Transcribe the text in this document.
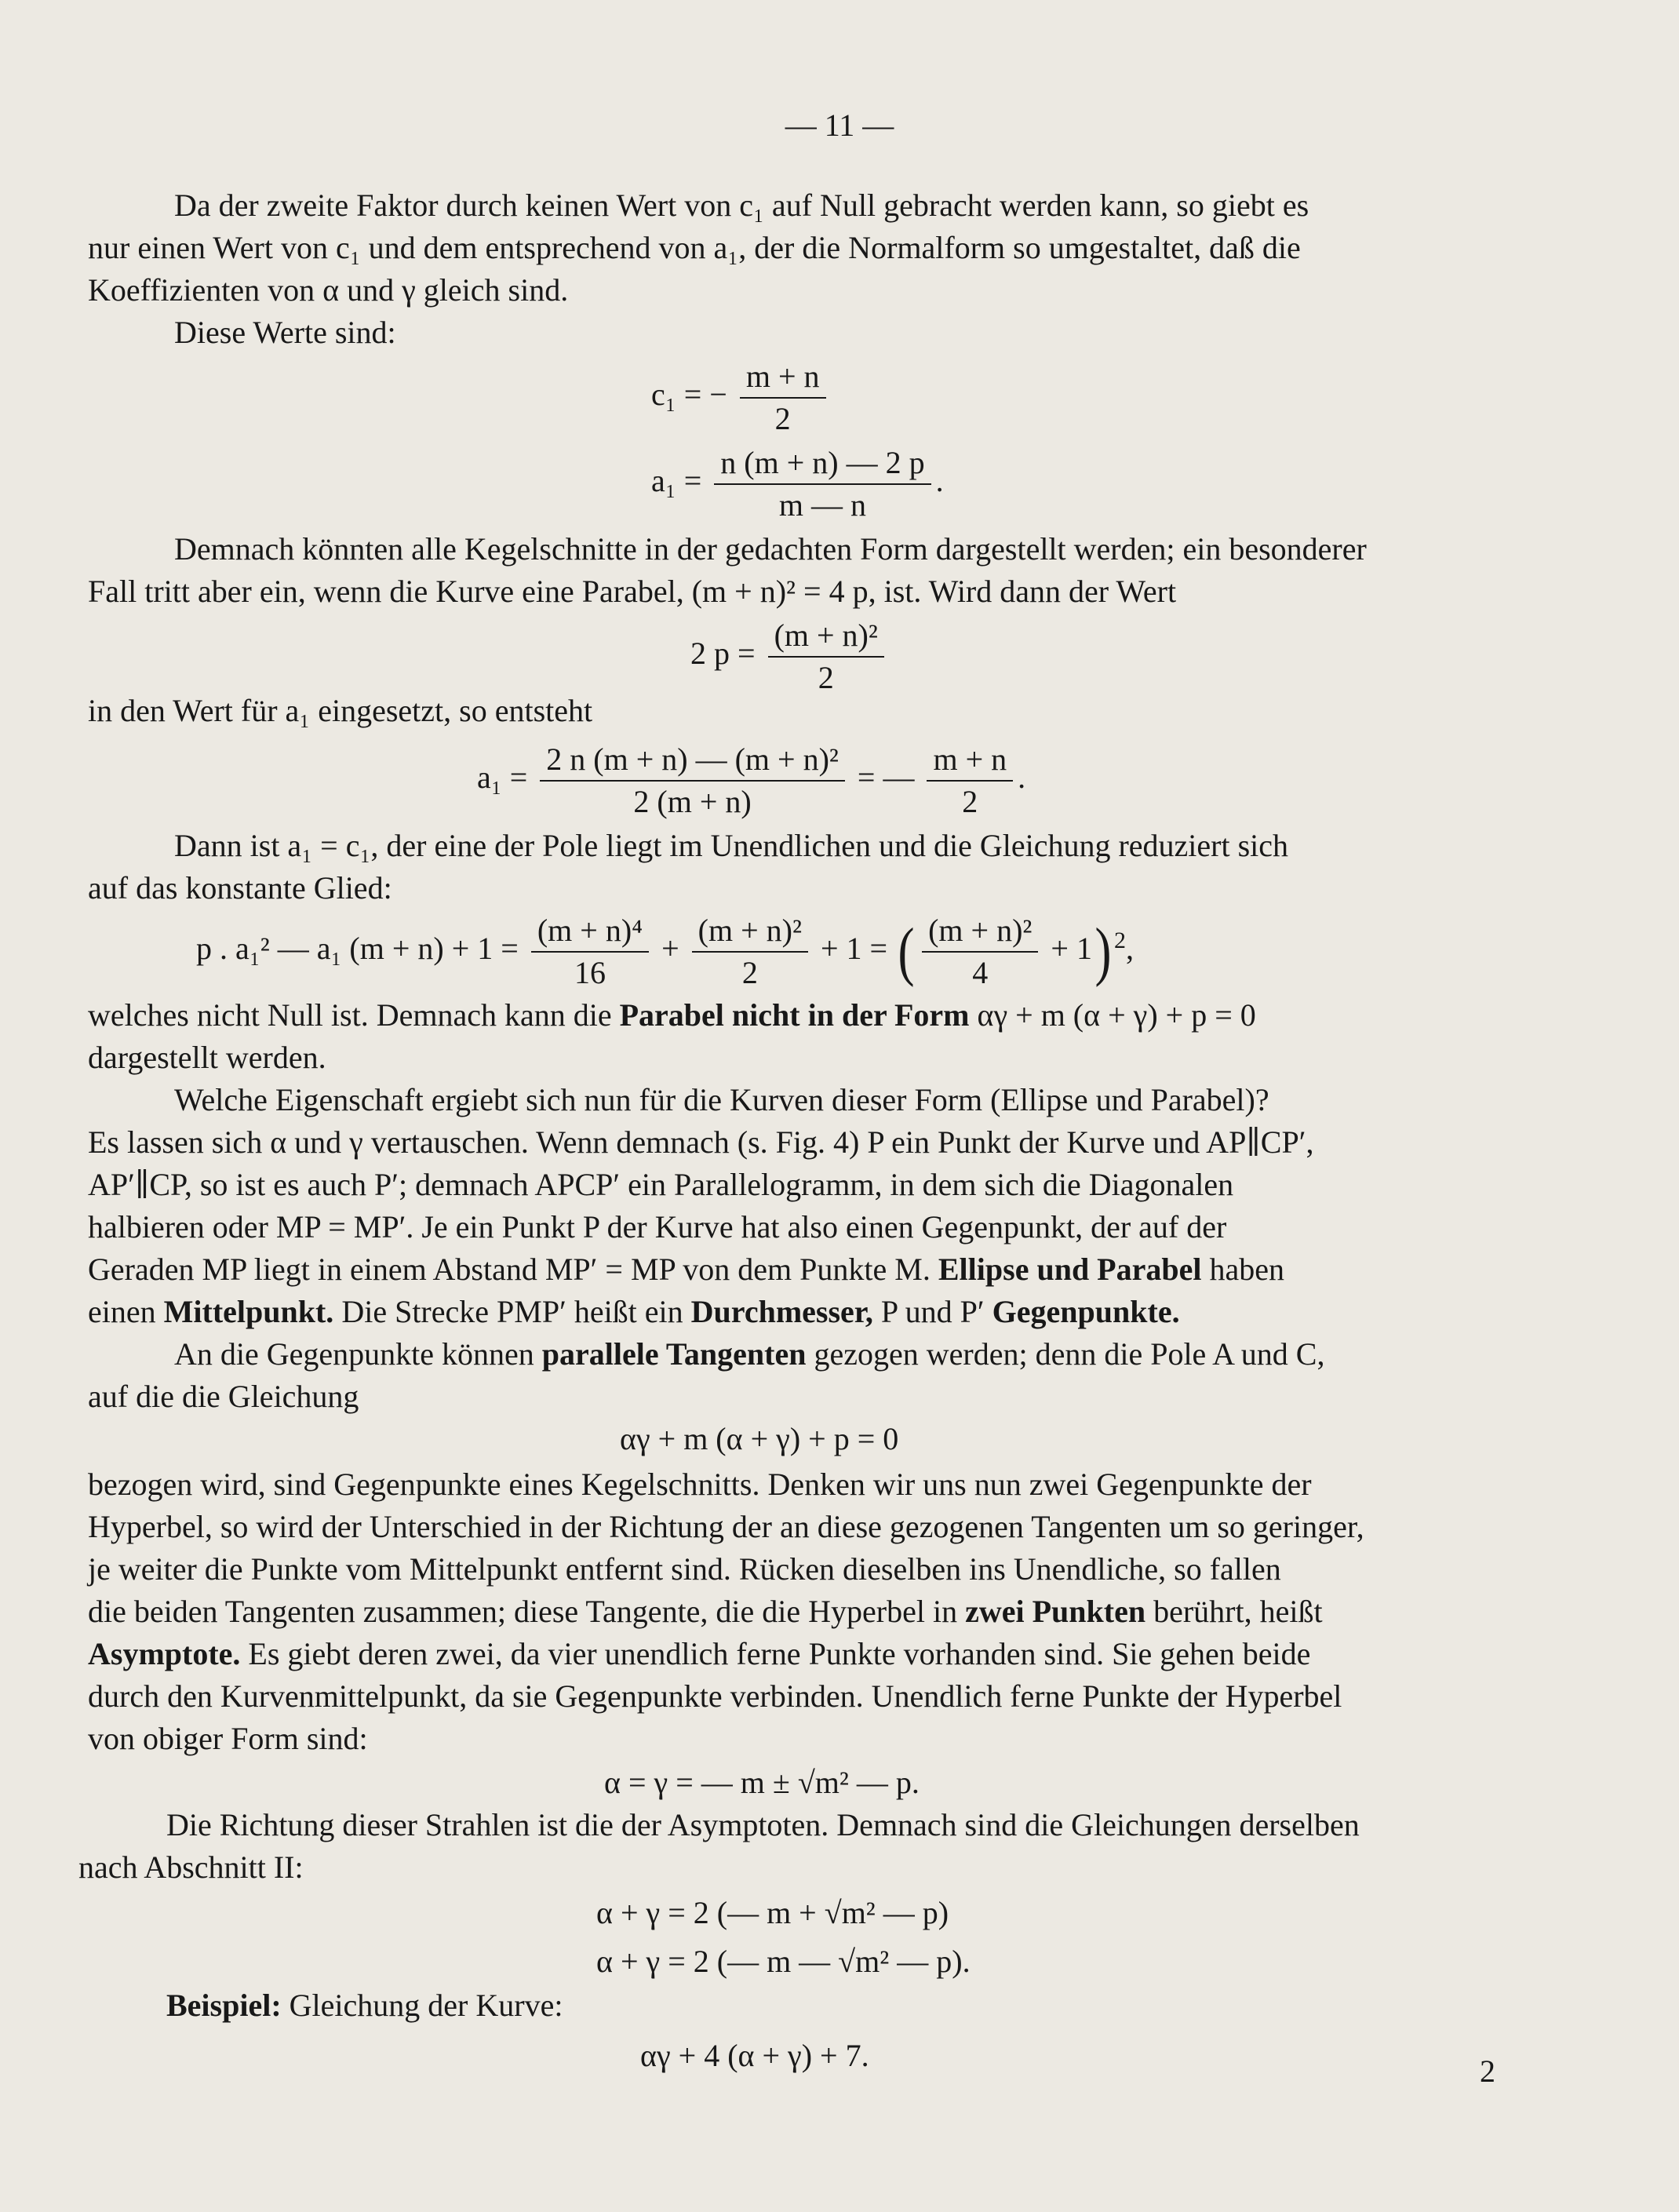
— 11 —
Da der zweite Faktor durch keinen Wert von c₁ auf Null gebracht werden kann, so giebt es
nur einen Wert von c₁ und dem entsprechend von a₁, der die Normalform so umgestaltet, daß die
Koeffizienten von α und γ gleich sind.
Diese Werte sind:
c₁ = − $\frac{m + n}{2}$
$a_1 = \frac{n (m + n) — 2 p}{m — n}$ .
Demnach könnten alle Kegelschnitte in der gedachten Form dargestellt werden; ein besonderer
Fall tritt aber ein, wenn die Kurve eine Parabel, (m + n)² = 4 p, ist. Wird dann der Wert
2 $p = \frac{\text{(m + n)²}}{2}$
in den Wert für a₁ eingesetzt, so entsteht
$a_1 = \frac{\text{2 n (m + n) — (m + n)²}}{2 (m + n)}$ = — $\frac{m + n}{2}$ .
Dann ist a₁ = c₁, der eine der Pole liegt im Unendlichen und die Gleichung reduziert sich
auf das konstante Glied:
p . a₁² — a₁ $(m + n) + 1 = \frac{\text{(m + n)⁴}}{16} + \frac{\text{(m + n)²}}{2} + 1$ = ( $\frac{\text{(m + n)²}}{4} + 1$) $^2$,
welches nicht Null ist. Demnach kann die Parabel nicht in der Form αγ + m (α + γ) + p = 0
dargestellt werden.
Welche Eigenschaft ergiebt sich nun für die Kurven dieser Form (Ellipse und Parabel)?
Es lassen sich α und γ vertauschen. Wenn demnach (s. Fig. 4) P ein Punkt der Kurve und AP∥CP′,
AP′∥CP, so ist es auch P′; demnach APCP′ ein Parallelogramm, in dem sich die Diagonalen
halbieren oder MP = MP′. Je ein Punkt P der Kurve hat also einen Gegenpunkt, der auf der
Geraden MP liegt in einem Abstand MP′ = MP von dem Punkte M. Ellipse und Parabel haben
einen Mittelpunkt. Die Strecke PMP′ heißt ein Durchmesser, P und P′ Gegenpunkte.
An die Gegenpunkte können parallele Tangenten gezogen werden; denn die Pole A und C,
auf die die Gleichung
αγ + m (α + γ) + p = 0
bezogen wird, sind Gegenpunkte eines Kegelschnitts. Denken wir uns nun zwei Gegenpunkte der
Hyperbel, so wird der Unterschied in der Richtung der an diese gezogenen Tangenten um so geringer,
je weiter die Punkte vom Mittelpunkt entfernt sind. Rücken dieselben ins Unendliche, so fallen
die beiden Tangenten zusammen; diese Tangente, die die Hyperbel in zwei Punkten berührt, heißt
Asymptote. Es giebt deren zwei, da vier unendlich ferne Punkte vorhanden sind. Sie gehen beide
durch den Kurvenmittelpunkt, da sie Gegenpunkte verbinden. Unendlich ferne Punkte der Hyperbel
von obiger Form sind:
α = γ = — m ± √m² — p.
Die Richtung dieser Strahlen ist die der Asymptoten. Demnach sind die Gleichungen derselben
nach Abschnitt II:
α + γ = 2 (— m + √m² — p)
α + γ = 2 (— m — √m² — p).
Beispiel: Gleichung der Kurve:
αγ + 4 (α + γ) + 7.	2
